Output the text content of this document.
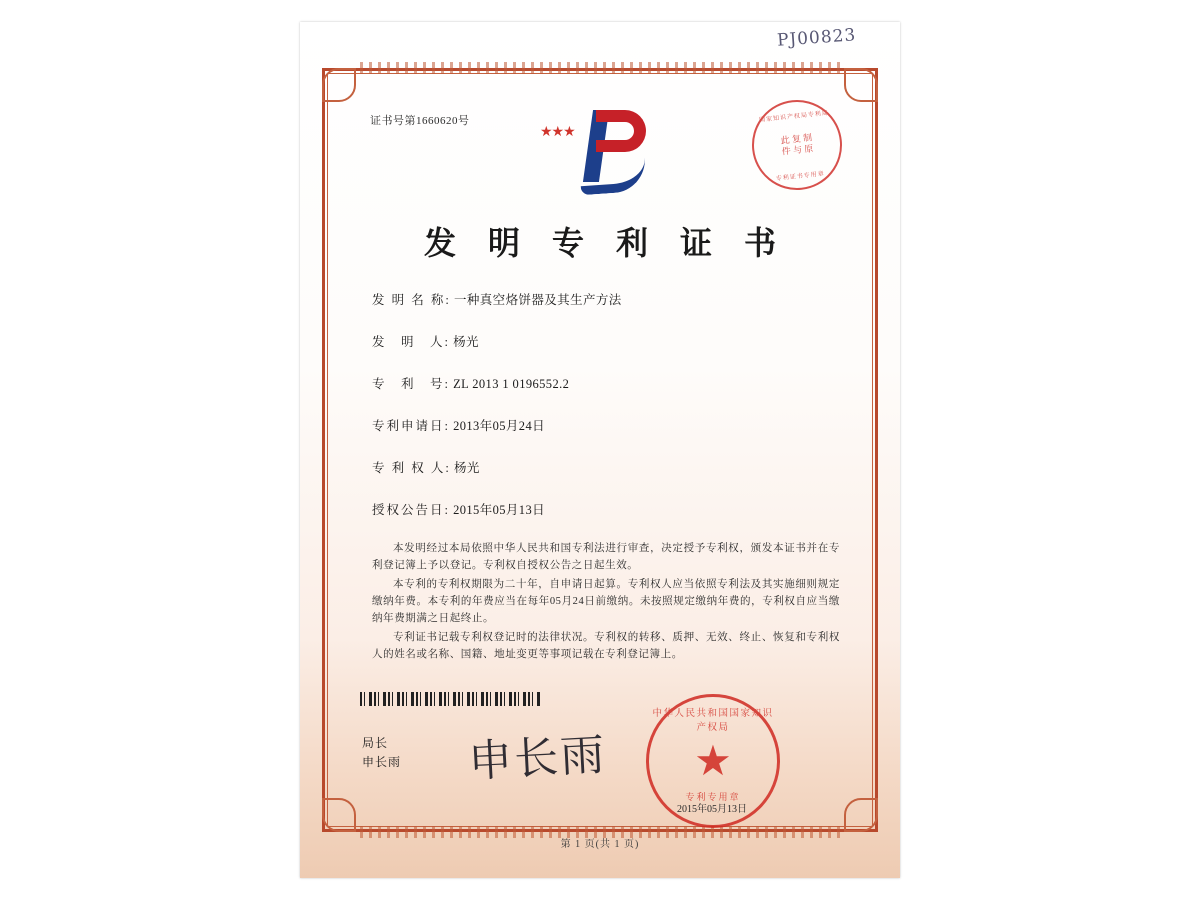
PJ00823
证书号第1660620号
★★★
国家知识产权局专利局
此 复 制
件 与 原
专利证书专用章
发 明 专 利 证 书
发 明 名 称: 一种真空烙饼器及其生产方法
发　明　人: 杨光
专　利　号: ZL 2013 1 0196552.2
专利申请日: 2013年05月24日
专 利 权 人: 杨光
授权公告日: 2015年05月13日

本发明经过本局依照中华人民共和国专利法进行审查，决定授予专利权，颁发本证书并在专利登记簿上予以登记。专利权自授权公告之日起生效。

本专利的专利权期限为二十年，自申请日起算。专利权人应当依照专利法及其实施细则规定缴纳年费。本专利的年费应当在每年05月24日前缴纳。未按照规定缴纳年费的，专利权自应当缴纳年费期满之日起终止。

专利证书记载专利权登记时的法律状况。专利权的转移、质押、无效、终止、恢复和专利权人的姓名或名称、国籍、地址变更等事项记载在专利登记簿上。

局长
申长雨 申长雨
中华人民共和国国家知识产权局
★
专利专用章
2015年05月13日
第 1 页(共 1 页)
